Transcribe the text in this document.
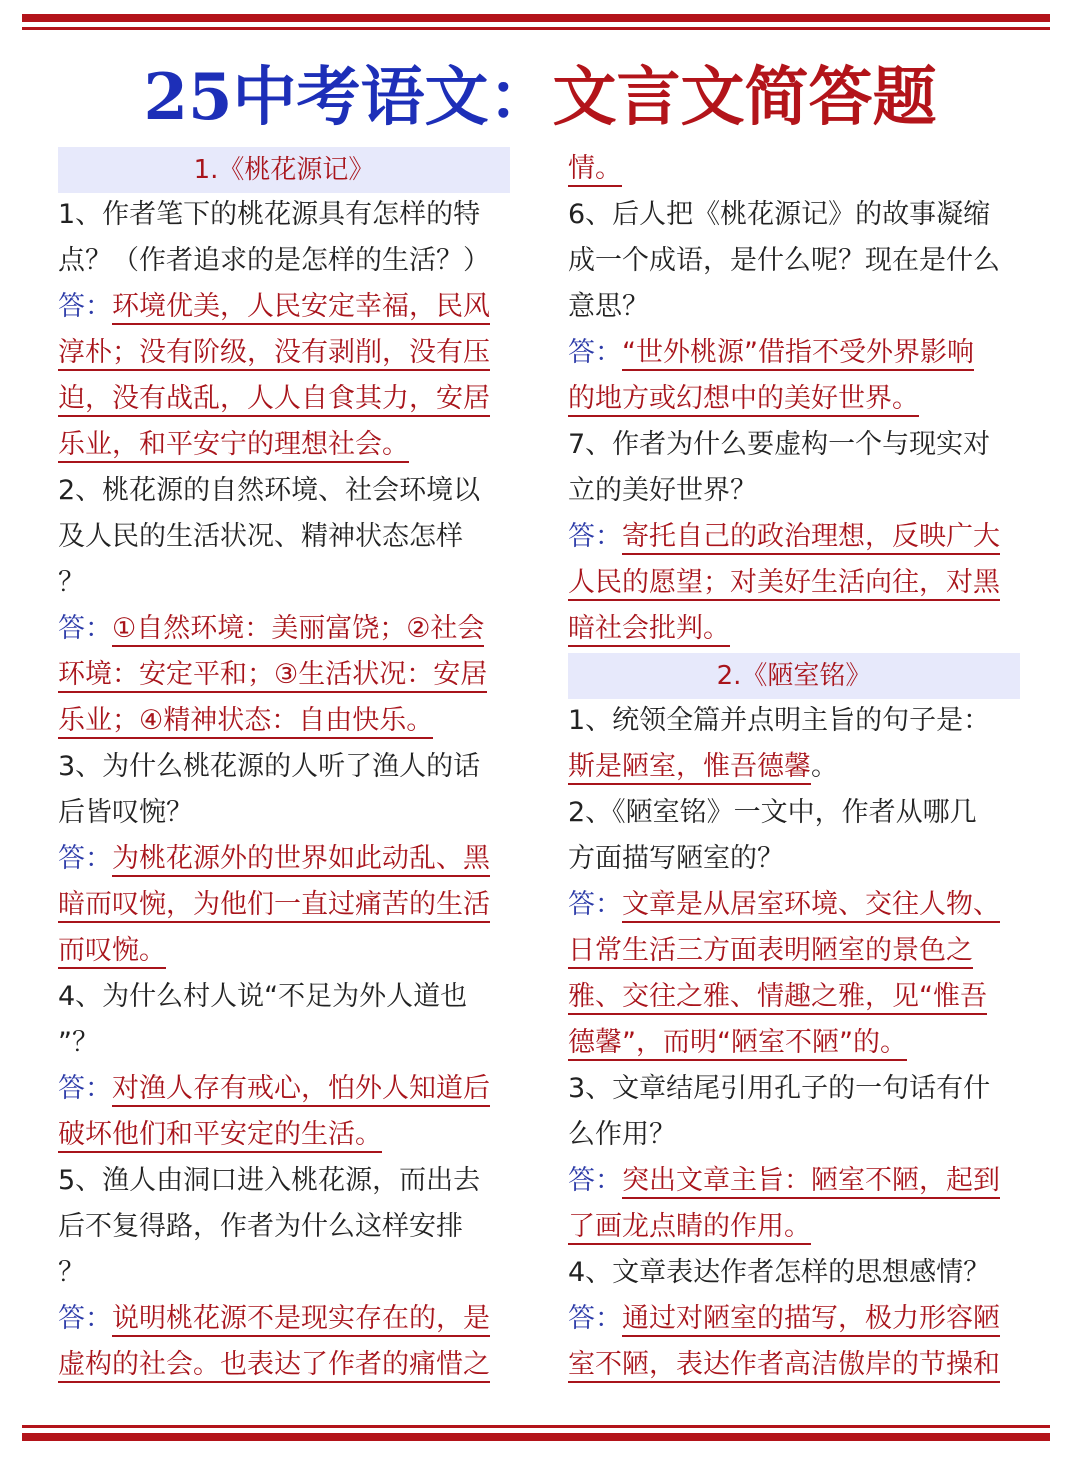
25中考语文：文言文简答题
1.《桃花源记》
1、作者笔下的桃花源具有怎样的特
点？（作者追求的是怎样的生活？）
答：环境优美，人民安定幸福，民风
淳朴；没有阶级，没有剥削，没有压
迫，没有战乱，人人自食其力，安居
乐业，和平安宁的理想社会。
2、桃花源的自然环境、社会环境以
及人民的生活状况、精神状态怎样
？
答：①自然环境：美丽富饶；②社会
环境：安定平和；③生活状况：安居
乐业；④精神状态：自由快乐。
3、为什么桃花源的人听了渔人的话
后皆叹惋？
答：为桃花源外的世界如此动乱、黑
暗而叹惋，为他们一直过痛苦的生活
而叹惋。
4、为什么村人说“不足为外人道也
”？
答：对渔人存有戒心，怕外人知道后
破坏他们和平安定的生活。
5、渔人由洞口进入桃花源，而出去
后不复得路，作者为什么这样安排
？
答：说明桃花源不是现实存在的，是
虚构的社会。也表达了作者的痛惜之
情。
6、后人把《桃花源记》的故事凝缩
成一个成语，是什么呢？现在是什么
意思？
答：“世外桃源”借指不受外界影响
的地方或幻想中的美好世界。
7、作者为什么要虚构一个与现实对
立的美好世界？
答：寄托自己的政治理想，反映广大
人民的愿望；对美好生活向往，对黑
暗社会批判。
2.《陋室铭》
1、统领全篇并点明主旨的句子是：
斯是陋室，惟吾德馨。
2、《陋室铭》一文中，作者从哪几
方面描写陋室的？
答：文章是从居室环境、交往人物、
日常生活三方面表明陋室的景色之
雅、交往之雅、情趣之雅，见“惟吾
德馨”，而明“陋室不陋”的。
3、文章结尾引用孔子的一句话有什
么作用？
答：突出文章主旨：陋室不陋，起到
了画龙点睛的作用。
4、文章表达作者怎样的思想感情？
答：通过对陋室的描写，极力形容陋
室不陋，表达作者高洁傲岸的节操和
